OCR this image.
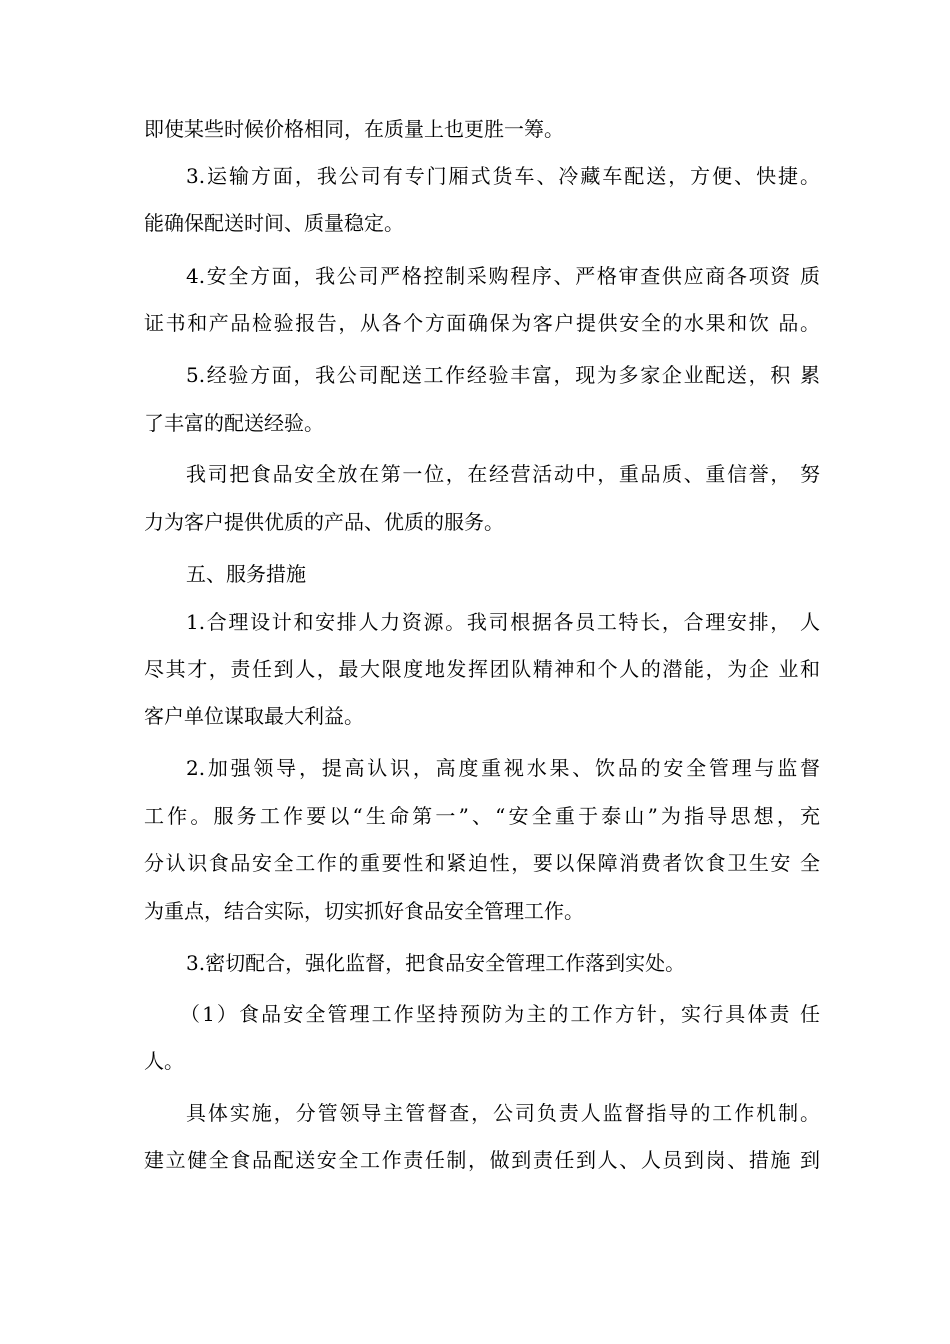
即使某些时候价格相同，在质量上也更胜一筹。
3.运输方面，我公司有专门厢式货车、冷藏车配送，方便、快捷。
能确保配送时间、质量稳定。
4.安全方面，我公司严格控制采购程序、严格审查供应商各项资 质
证书和产品检验报告，从各个方面确保为客户提供安全的水果和饮 品。
5.经验方面，我公司配送工作经验丰富，现为多家企业配送，积 累
了丰富的配送经验。
我司把食品安全放在第一位，在经营活动中，重品质、重信誉， 努
力为客户提供优质的产品、优质的服务。
五、服务措施
1.合理设计和安排人力资源。我司根据各员工特长，合理安排， 人
尽其才，责任到人，最大限度地发挥团队精神和个人的潜能，为企 业和
客户单位谋取最大利益。
2.加强领导，提高认识，高度重视水果、饮品的安全管理与监督
工作。服务工作要以“生命第一”、“安全重于泰山”为指导思想，充
分认识食品安全工作的重要性和紧迫性，要以保障消费者饮食卫生安 全
为重点，结合实际，切实抓好食品安全管理工作。
3.密切配合，强化监督，把食品安全管理工作落到实处。
（1）食品安全管理工作坚持预防为主的工作方针，实行具体责 任
人。
具体实施，分管领导主管督查，公司负责人监督指导的工作机制。
建立健全食品配送安全工作责任制，做到责任到人、人员到岗、措施 到
